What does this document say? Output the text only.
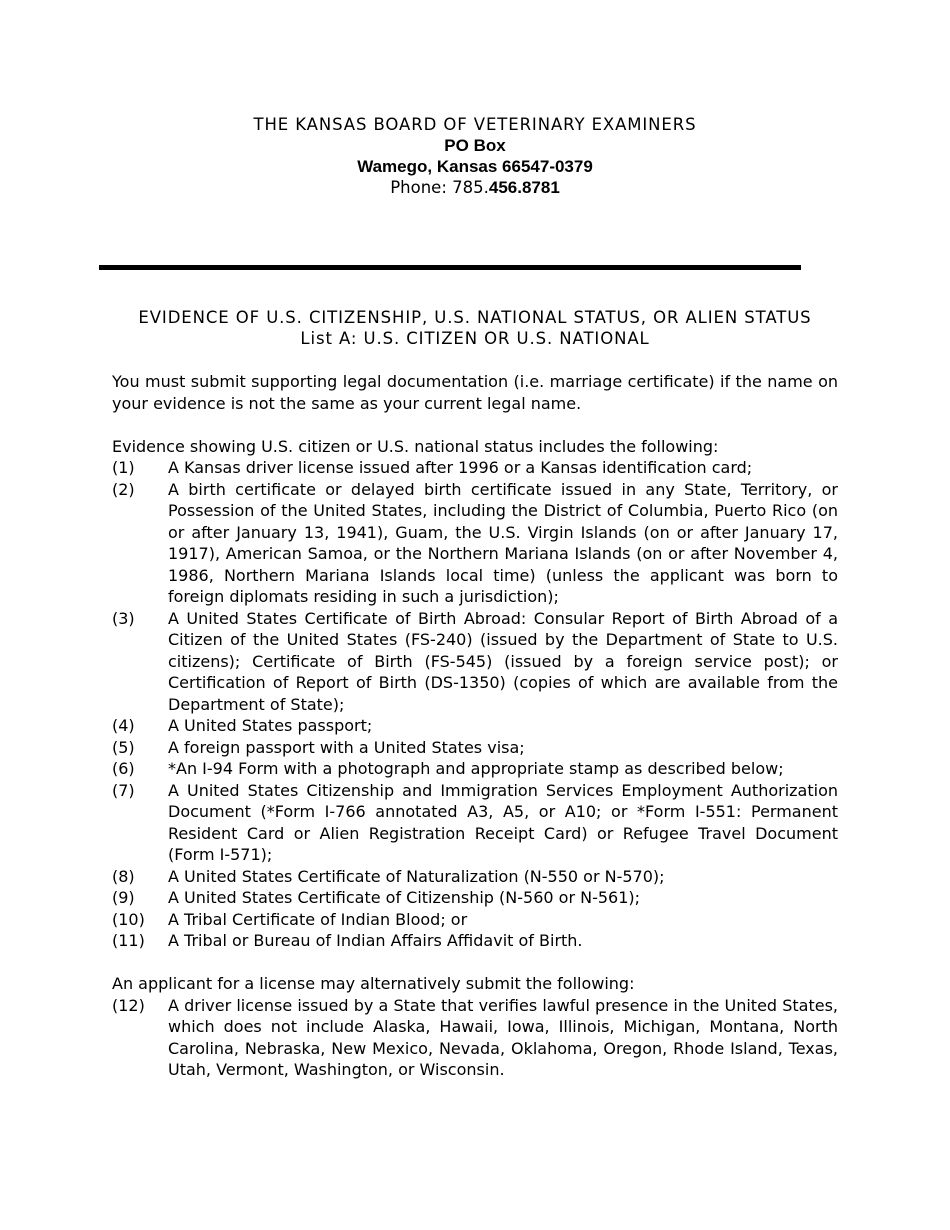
THE KANSAS BOARD OF VETERINARY EXAMINERS
PO Box
Wamego, Kansas 66547-0379
Phone: 785.456.8781
EVIDENCE OF U.S. CITIZENSHIP, U.S. NATIONAL STATUS, OR ALIEN STATUS
List A: U.S. CITIZEN OR U.S. NATIONAL

You must submit supporting legal documentation (i.e. marriage certificate) if the name on your evidence is not the same as your current legal name.

Evidence showing U.S. citizen or U.S. national status includes the following:

(1)	A Kansas driver license issued after 1996 or a Kansas identification card;
(2)	A birth certificate or delayed birth certificate issued in any State, Territory, or Possession of the United States, including the District of Columbia, Puerto Rico (on or after January 13, 1941), Guam, the U.S. Virgin Islands (on or after January 17, 1917), American Samoa, or the Northern Mariana Islands (on or after November 4, 1986, Northern Mariana Islands local time) (unless the applicant was born to foreign diplomats residing in such a jurisdiction);
(3)	A United States Certificate of Birth Abroad: Consular Report of Birth Abroad of a Citizen of the United States (FS-240) (issued by the Department of State to U.S. citizens); Certificate of Birth (FS-545) (issued by a foreign service post); or Certification of Report of Birth (DS-1350) (copies of which are available from the Department of State);
(4)	A United States passport;
(5)	A foreign passport with a United States visa;
(6)	*An I-94 Form with a photograph and appropriate stamp as described below;
(7)	A United States Citizenship and Immigration Services Employment Authorization Document (*Form I-766 annotated A3, A5, or A10; or *Form I-551: Permanent Resident Card or Alien Registration Receipt Card) or Refugee Travel Document (Form I-571);
(8)	A United States Certificate of Naturalization (N-550 or N-570);
(9)	A United States Certificate of Citizenship (N-560 or N-561);
(10)	A Tribal Certificate of Indian Blood; or
(11)	A Tribal or Bureau of Indian Affairs Affidavit of Birth.

An applicant for a license may alternatively submit the following:

(12)	A driver license issued by a State that verifies lawful presence in the United States, which does not include Alaska, Hawaii, Iowa, Illinois, Michigan, Montana, North Carolina, Nebraska, New Mexico, Nevada, Oklahoma, Oregon, Rhode Island, Texas, Utah, Vermont, Washington, or Wisconsin.
